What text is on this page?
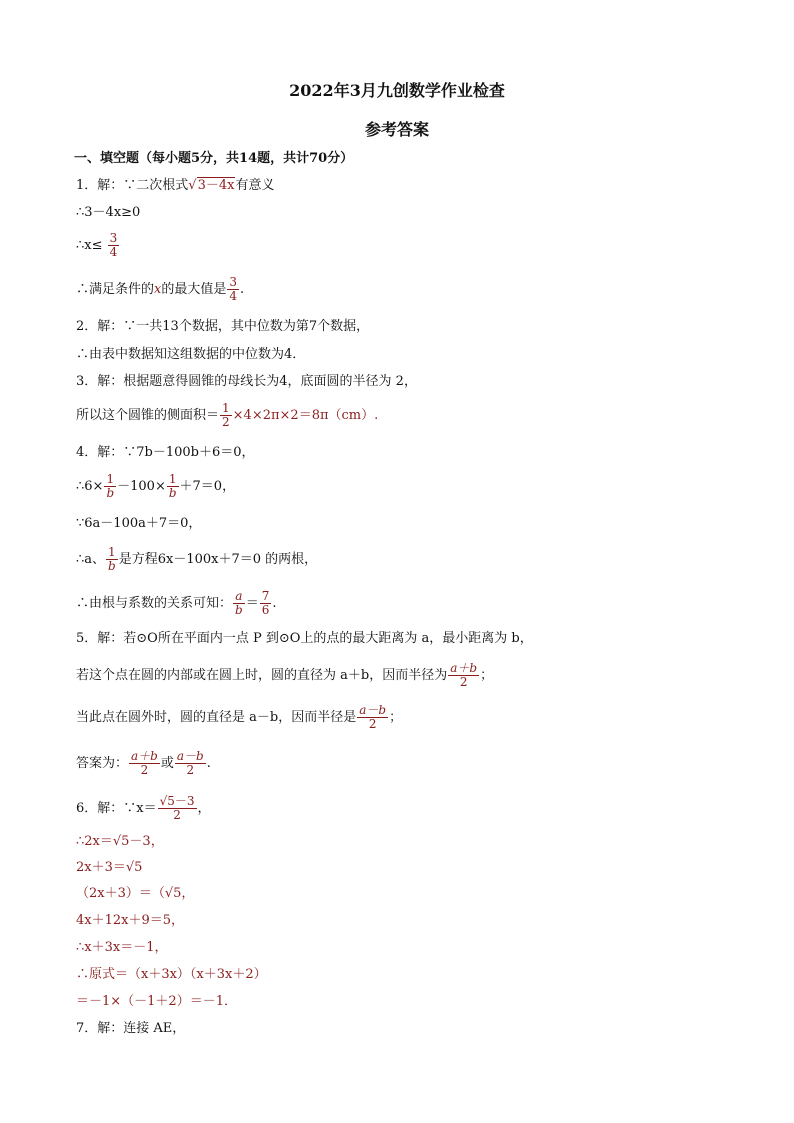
2022年3月九创数学作业检查
参考答案
一、填空题（每小题5分，共14题，共计70分）
1．解：∵二次根式√3－4x有意义
∴3－4x≥0
∴x≤ $\frac{3}{4}$
∴满足条件的x的最大值是 $\frac{3}{4}$ .
2．解：∵一共13个数据，其中位数为第7个数据，
∴由表中数据知这组数据的中位数为4．
3．解：根据题意得圆锥的母线长为4，底面圆的半径为 2，
所以这个圆锥的侧面积＝ $\frac{1}{2} \times 4\times 2\pi\times 2=8\pi(cm)$.
4．解：∵7b－100b＋6＝0，
∴6× $\frac{1}{b} -100\times \frac{1}{b} +7=0$，
∵6a－100a＋7＝0，
∴a、 $\frac{1}{b}$ 是方程6x－100x＋7＝0 的两根，
∴由根与系数的关系可知： $\frac{a}{b} = \frac{7}{6}$ .
5．解：若⊙O所在平面内一点 P 到⊙O上的点的最大距离为 a，最小距离为 b，
若这个点在圆的内部或在圆上时，圆的直径为 a＋b，因而半径为 $\frac{a+b}{2}$ ；
当此点在圆外时，圆的直径是 a－b，因而半径是 $\frac{a-b}{2}$ ；
答案为： $\frac{a+b}{2}$ 或 $\frac{a-b}{2}$ .
6．解：∵x＝ $\frac{√5-3}{2}$ ，
∴2x＝√5－3，
2x＋3＝√5
（2x＋3）＝（√5，
4x＋12x＋9＝5，
∴x＋3x＝－1，
∴原式＝（x＋3x）（x＋3x＋2）
＝－1×（－1＋2）＝－1．
7．解：连接 AE，
